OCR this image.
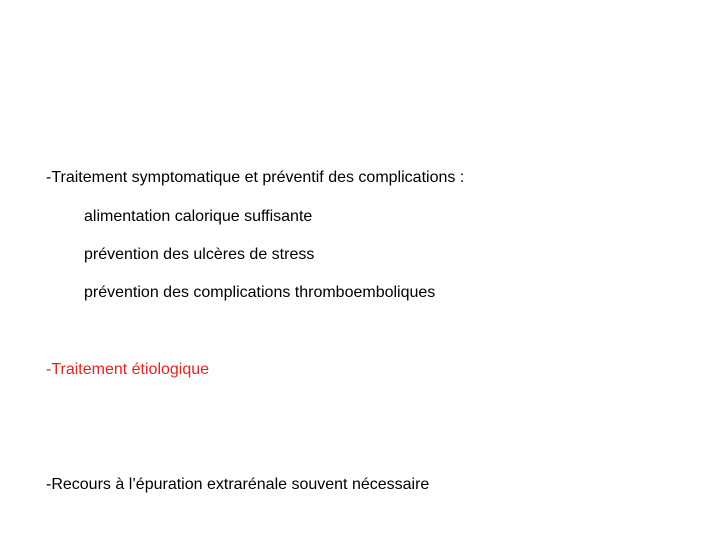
-Traitement symptomatique et préventif des complications :
alimentation calorique suffisante
prévention des ulcères de stress
prévention des complications thromboemboliques
-Traitement étiologique
-Recours à l’épuration extrarénale souvent nécessaire
